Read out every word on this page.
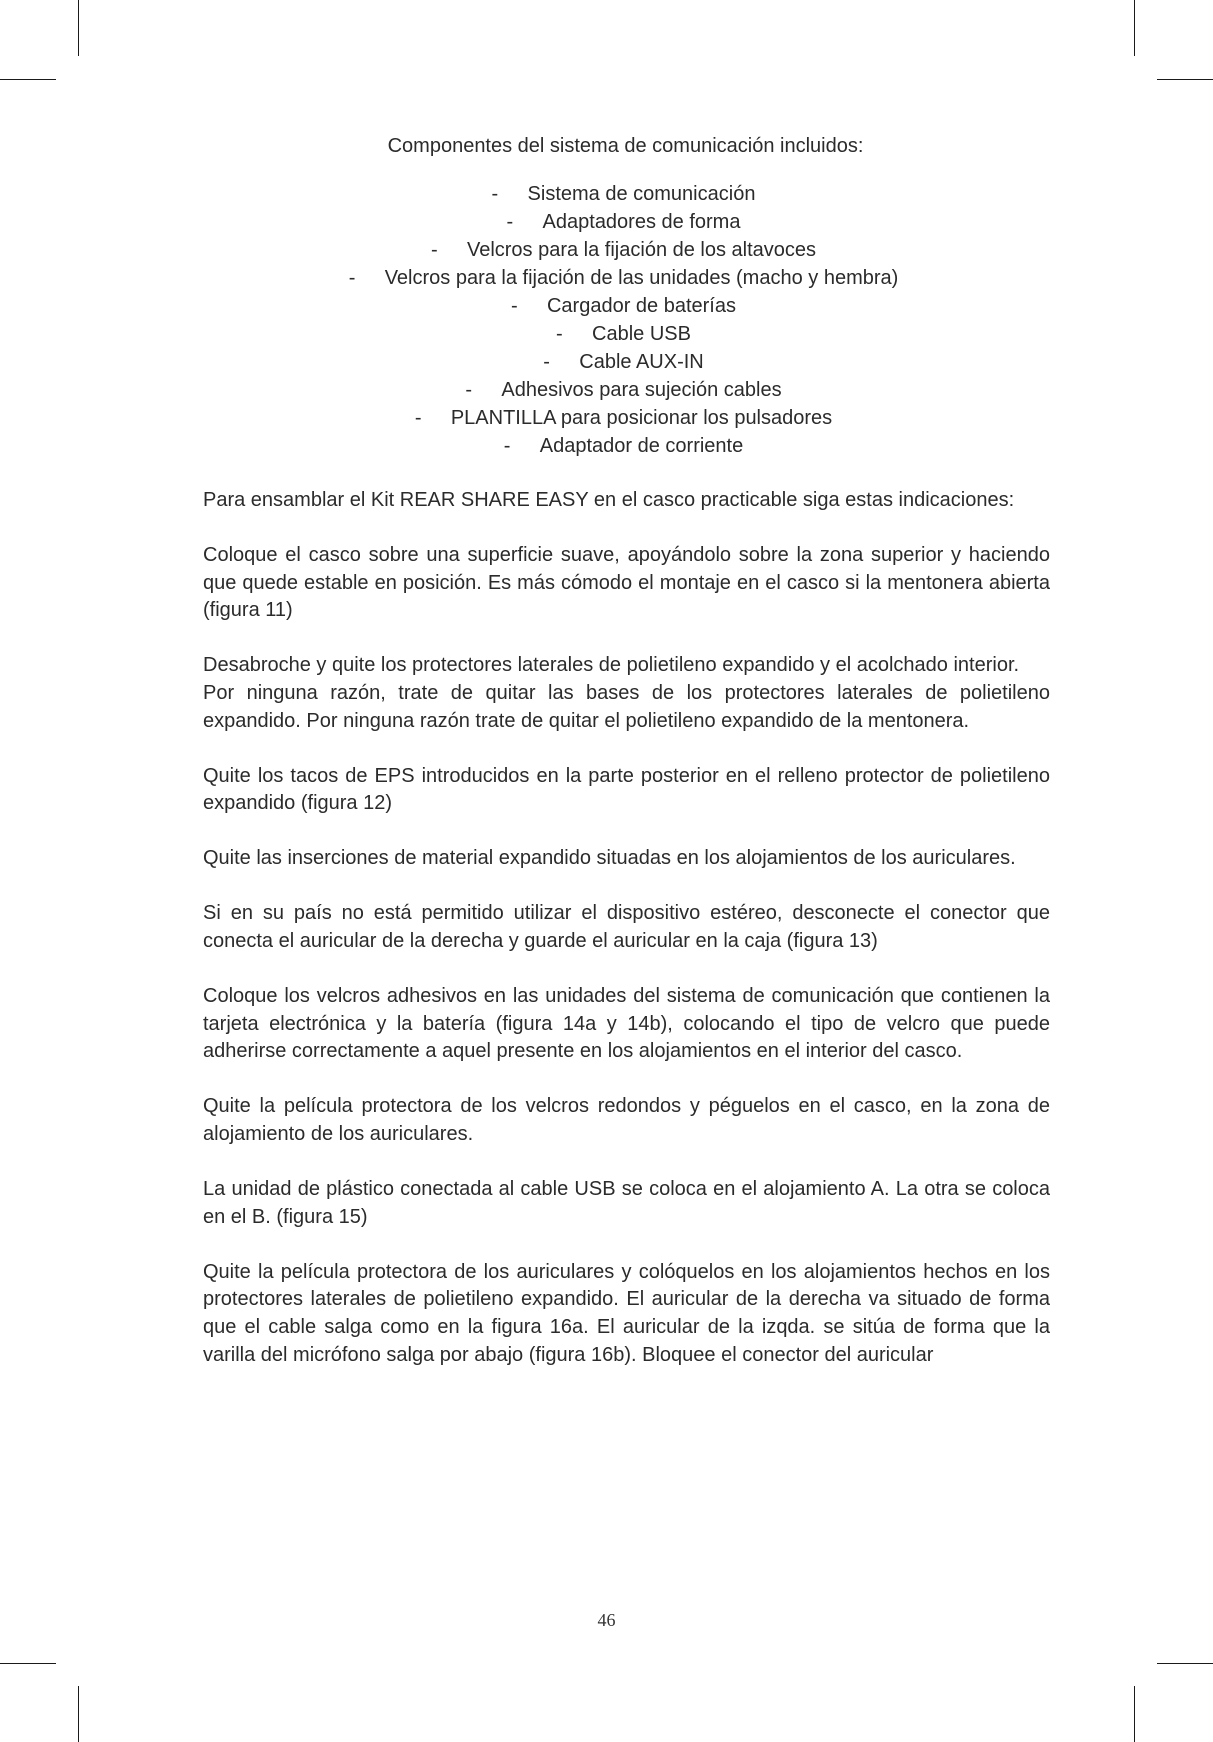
Componentes del sistema de comunicación incluidos:
- Sistema de comunicación
- Adaptadores de forma
- Velcros para la fijación de los altavoces
- Velcros para la fijación de las unidades (macho y hembra)
- Cargador de baterías
- Cable USB
- Cable AUX-IN
- Adhesivos para sujeción cables
- PLANTILLA para posicionar los pulsadores
- Adaptador de corriente

Para ensamblar el Kit REAR SHARE EASY en el casco practicable siga estas indicaciones:

Coloque el casco sobre una superficie suave, apoyándolo sobre la zona superior y haciendo que quede estable en posición. Es más cómodo el montaje en el casco si la mentonera abierta (figura 11)

Desabroche y quite los protectores laterales de polietileno expandido y el acolchado interior.

Por ninguna razón, trate de quitar las bases de los protectores laterales de polietileno expandido. Por ninguna razón trate de quitar el polietileno expandido de la mentonera.

Quite los tacos de EPS introducidos en la parte posterior en el relleno protector de polietileno expandido (figura 12)

Quite las inserciones de material expandido situadas en los alojamientos de los auriculares.

Si en su país no está permitido utilizar el dispositivo estéreo, desconecte el conector que conecta el auricular de la derecha y guarde el auricular en la caja (figura 13)

Coloque los velcros adhesivos en las unidades del sistema de comunicación que contienen la tarjeta electrónica y la batería (figura 14a y 14b), colocando el tipo de velcro que puede adherirse correctamente a aquel presente en los alojamientos en el interior del casco.

Quite la película protectora de los velcros redondos y péguelos en el casco, en la zona de alojamiento de los auriculares.

La unidad de plástico conectada al cable USB se coloca en el alojamiento A. La otra se coloca en el B. (figura 15)

Quite la película protectora de los auriculares y colóquelos en los alojamientos hechos en los protectores laterales de polietileno expandido. El auricular de la derecha va situado de forma que el cable salga como en la figura 16a. El auricular de la izqda. se sitúa de forma que la varilla del micrófono salga por abajo (figura 16b). Bloquee el conector del auricular

46
